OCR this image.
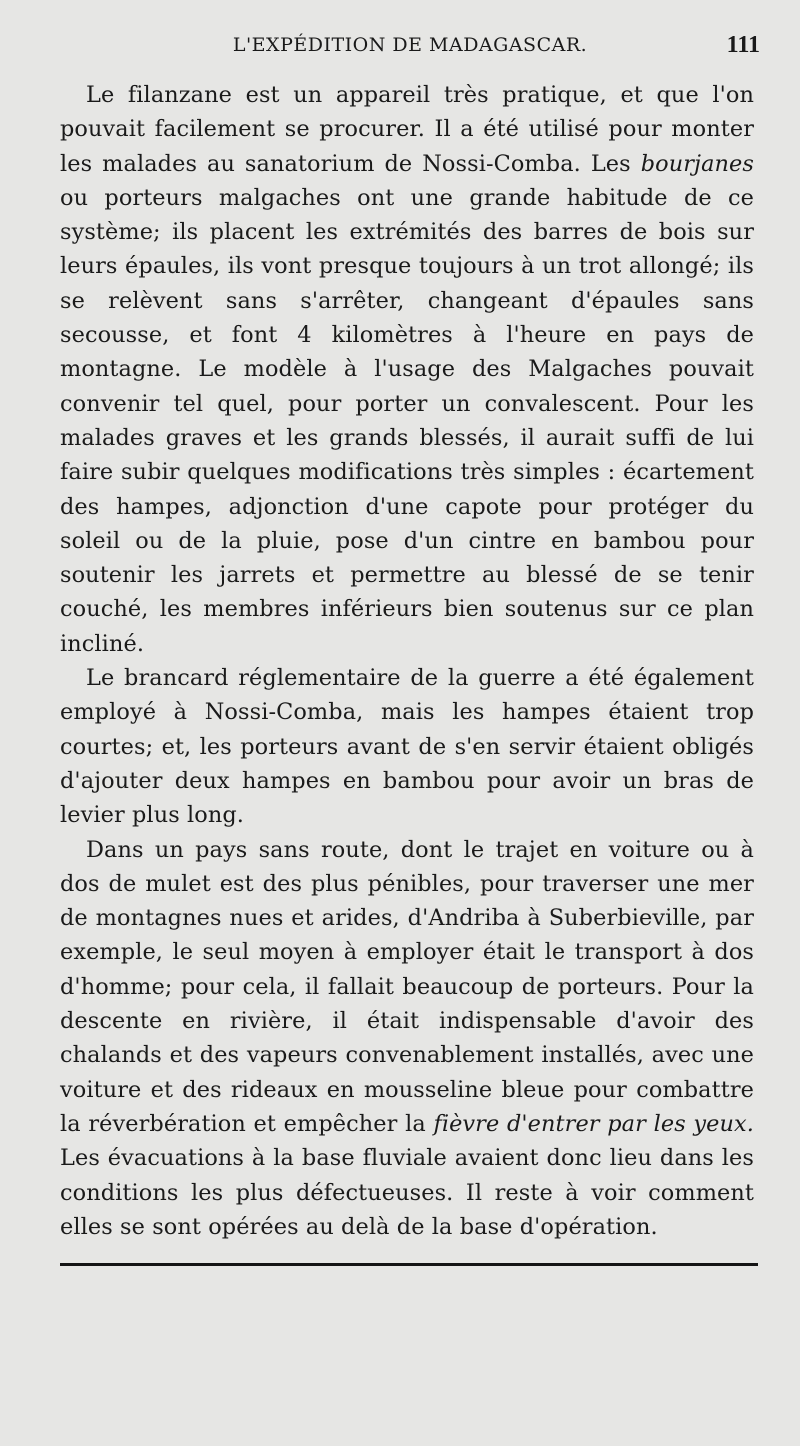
L'EXPÉDITION DE MADAGASCAR.	111

Le filanzane est un appareil très pratique, et que l'on pouvait facilement se procurer. Il a été utilisé pour monter les malades au sanatorium de Nossi-Comba. Les bourjanes ou porteurs malgaches ont une grande habitude de ce système; ils placent les extrémités des barres de bois sur leurs épaules, ils vont presque toujours à un trot allongé; ils se relèvent sans s'arrêter, changeant d'épaules sans secousse, et font 4 kilomètres à l'heure en pays de montagne. Le modèle à l'usage des Malgaches pouvait convenir tel quel, pour porter un convalescent. Pour les malades graves et les grands blessés, il aurait suffi de lui faire subir quelques modifications très simples : écartement des hampes, adjonction d'une capote pour protéger du soleil ou de la pluie, pose d'un cintre en bambou pour soutenir les jarrets et permettre au blessé de se tenir couché, les membres inférieurs bien soutenus sur ce plan incliné.

Le brancard réglementaire de la guerre a été également employé à Nossi-Comba, mais les hampes étaient trop courtes; et, les porteurs avant de s'en servir étaient obligés d'ajouter deux hampes en bambou pour avoir un bras de levier plus long.

Dans un pays sans route, dont le trajet en voiture ou à dos de mulet est des plus pénibles, pour traverser une mer de montagnes nues et arides, d'Andriba à Suberbieville, par exemple, le seul moyen à employer était le transport à dos d'homme; pour cela, il fallait beaucoup de porteurs. Pour la descente en rivière, il était indispensable d'avoir des chalands et des vapeurs convenablement installés, avec une voiture et des rideaux en mousseline bleue pour combattre la réverbération et empêcher la fièvre d'entrer par les yeux. Les évacuations à la base fluviale avaient donc lieu dans les conditions les plus défectueuses. Il reste à voir comment elles se sont opérées au delà de la base d'opération.
